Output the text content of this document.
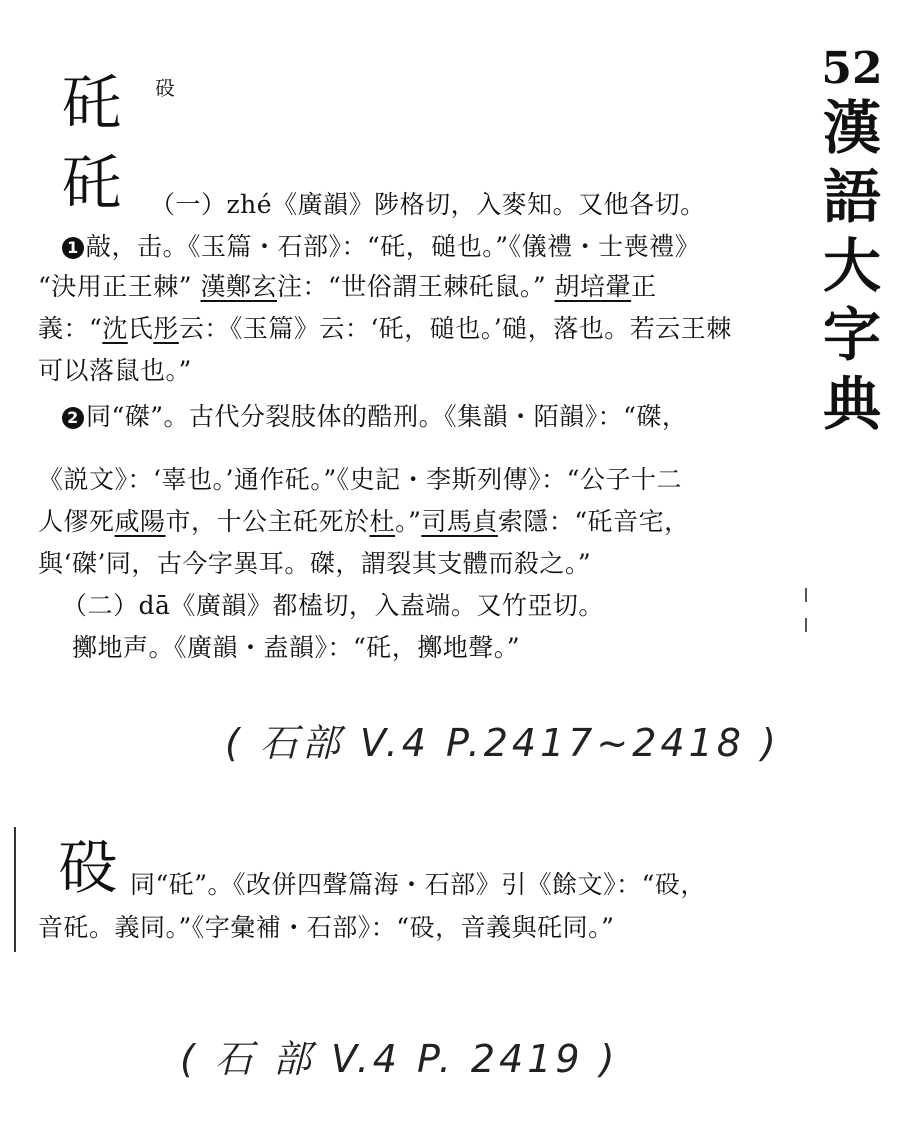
52
漢
語
大
字
典
矺 砓
矺 （一）zhé《廣韻》陟格切，入麥知。又他各切。
1 敲，击。《玉篇・石部》：“矺，磓也。”《儀禮・士喪禮》
“決用正王棘” 漢鄭玄注：“世俗謂王棘矺鼠。” 胡培翬正
義：“沈氏彤云：《玉篇》云：‘矺，磓也。’磓，落也。若云王棘
可以落鼠也。”
2 同“磔”。古代分裂肢体的酷刑。《集韻・陌韻》：“磔，
《説文》：‘辜也。’通作矺。”《史記・李斯列傳》：“公子十二
人僇死咸陽市，十公主矺死於杜。”司馬貞索隱：“矺音宅，
與‘磔’同，古今字異耳。磔，謂裂其支體而殺之。”
（二）dā《廣韻》都榼切，入盍端。又竹亞切。
擲地声。《廣韻・盍韻》：“矺，擲地聲。”
( 石部 V.4 P.2417~2418 )
砓 同“矺”。《改併四聲篇海・石部》引《餘文》：“砓，
音矺。義同。”《字彙補・石部》：“砓，音義與矺同。”
( 石 部 V.4 P. 2419 )
